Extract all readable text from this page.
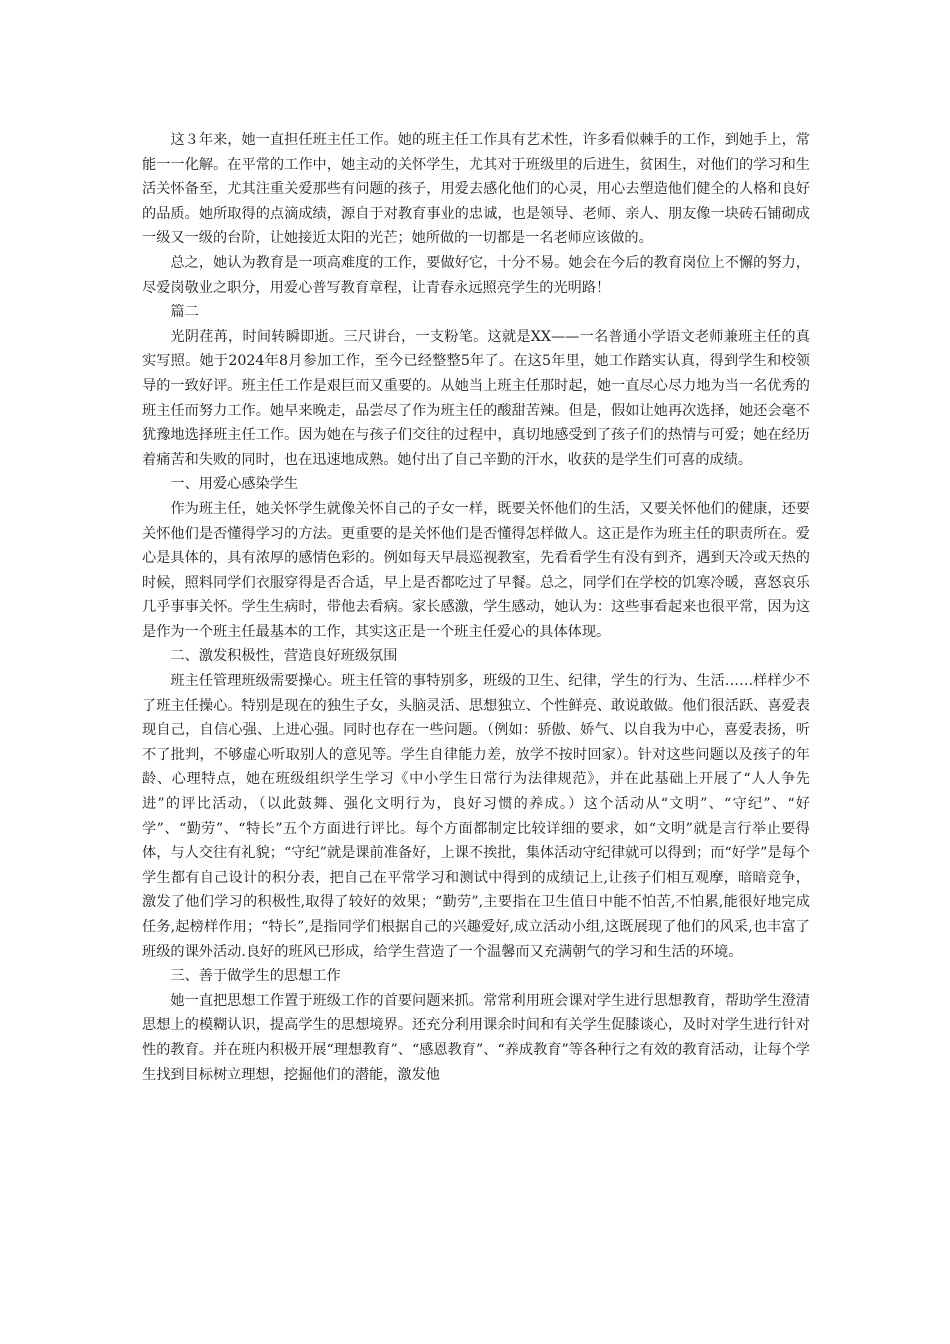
这３年来，她一直担任班主任工作。她的班主任工作具有艺术性，许多看似棘手的工作，到她手上，常能一一化解。在平常的工作中，她主动的关怀学生，尤其对于班级里的后进生，贫困生，对他们的学习和生活关怀备至，尤其注重关爱那些有问题的孩子，用爱去感化他们的心灵，用心去塑造他们健全的人格和良好的品质。她所取得的点滴成绩，源自于对教育事业的忠诚，也是领导、老师、亲人、朋友像一块砖石铺砌成一级又一级的台阶，让她接近太阳的光芒；她所做的一切都是一名老师应该做的。

总之，她认为教育是一项高难度的工作，要做好它，十分不易。她会在今后的教育岗位上不懈的努力，尽爱岗敬业之职分，用爱心普写教育章程，让青春永远照亮学生的光明路！

篇二

光阴荏苒，时间转瞬即逝。三尺讲台，一支粉笔。这就是XX——一名普通小学语文老师兼班主任的真实写照。她于2024年8月参加工作，至今已经整整5年了。在这5年里，她工作踏实认真，得到学生和校领导的一致好评。班主任工作是艰巨而又重要的。从她当上班主任那时起，她一直尽心尽力地为当一名优秀的班主任而努力工作。她早来晚走，品尝尽了作为班主任的酸甜苦辣。但是，假如让她再次选择，她还会毫不犹豫地选择班主任工作。因为她在与孩子们交往的过程中，真切地感受到了孩子们的热情与可爱；她在经历着痛苦和失败的同时，也在迅速地成熟。她付出了自己辛勤的汗水，收获的是学生们可喜的成绩。

一、用爱心感染学生

作为班主任，她关怀学生就像关怀自己的子女一样，既要关怀他们的生活，又要关怀他们的健康，还要关怀他们是否懂得学习的方法。更重要的是关怀他们是否懂得怎样做人。这正是作为班主任的职责所在。爱心是具体的，具有浓厚的感情色彩的。例如每天早晨巡视教室，先看看学生有没有到齐，遇到天冷或天热的时候，照料同学们衣服穿得是否合适，早上是否都吃过了早餐。总之，同学们在学校的饥寒冷暖，喜怒哀乐几乎事事关怀。学生生病时，带他去看病。家长感激，学生感动，她认为：这些事看起来也很平常，因为这是作为一个班主任最基本的工作，其实这正是一个班主任爱心的具体体现。

二、激发积极性，营造良好班级氛围

班主任管理班级需要操心。班主任管的事特别多，班级的卫生、纪律，学生的行为、生活……样样少不了班主任操心。特别是现在的独生子女，头脑灵活、思想独立、个性鲜亮、敢说敢做。他们很活跃、喜爱表现自己，自信心强、上进心强。同时也存在一些问题。（例如：骄傲、娇气、以自我为中心，喜爱表扬，听不了批判，不够虚心听取别人的意见等。学生自律能力差，放学不按时回家）。针对这些问题以及孩子的年龄、心理特点，她在班级组织学生学习《中小学生日常行为法律规范》，并在此基础上开展了“人人争先进”的评比活动，（以此鼓舞、强化文明行为，良好习惯的养成。）这个活动从“文明”、“守纪”、“好学”、“勤劳”、“特长”五个方面进行评比。每个方面都制定比较详细的要求，如“文明”就是言行举止要得体，与人交往有礼貌；“守纪”就是课前准备好，上课不挨批，集体活动守纪律就可以得到；而“好学”是每个学生都有自己设计的积分表，把自己在平常学习和测试中得到的成绩记上,让孩子们相互观摩，暗暗竞争，激发了他们学习的积极性,取得了较好的效果；“勤劳”,主要指在卫生值日中能不怕苦,不怕累,能很好地完成任务,起榜样作用；“特长”,是指同学们根据自己的兴趣爱好,成立活动小组,这既展现了他们的风采,也丰富了班级的课外活动.良好的班风已形成，给学生营造了一个温馨而又充满朝气的学习和生活的环境。

三、善于做学生的思想工作

她一直把思想工作置于班级工作的首要问题来抓。常常利用班会课对学生进行思想教育，帮助学生澄清思想上的模糊认识，提高学生的思想境界。还充分利用课余时间和有关学生促膝谈心，及时对学生进行针对性的教育。并在班内积极开展“理想教育”、“感恩教育”、“养成教育”等各种行之有效的教育活动，让每个学生找到目标树立理想，挖掘他们的潜能，激发他
